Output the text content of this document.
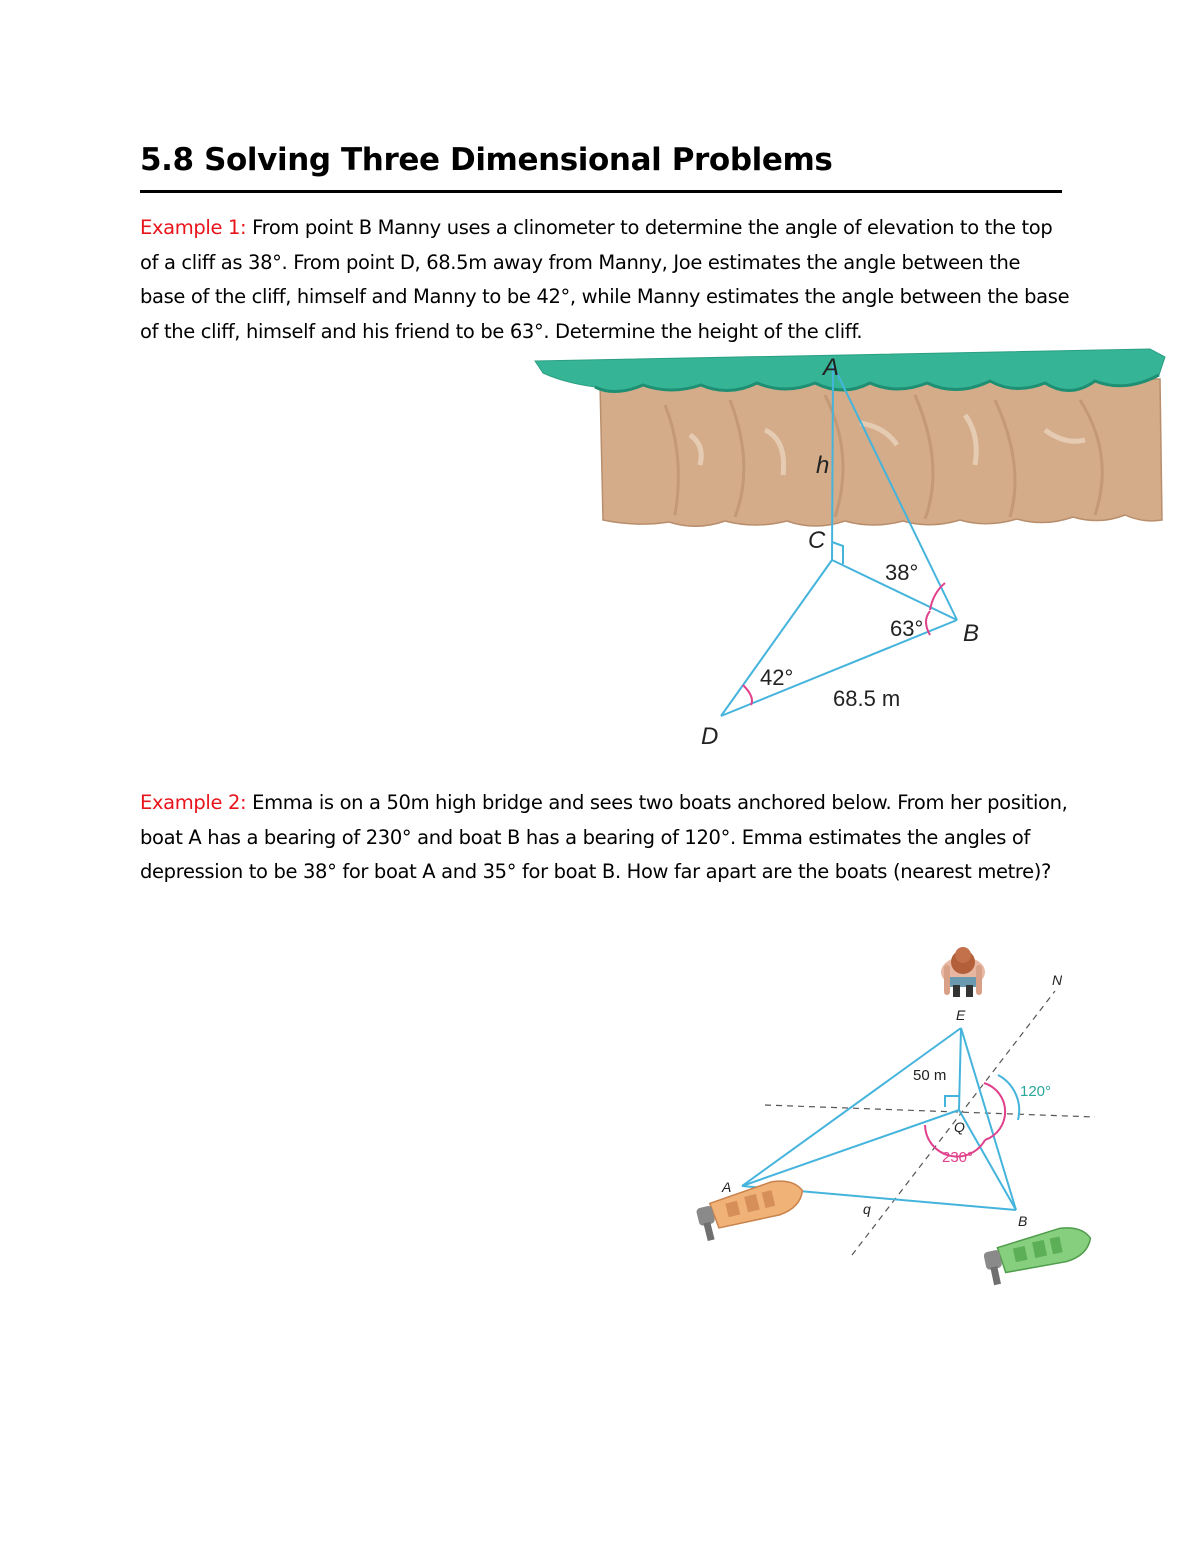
5.8 Solving Three Dimensional Problems

Example 1: From point B Manny uses a clinometer to determine the angle of elevation to the top of a cliff as 38°. From point D, 68.5m away from Manny, Joe estimates the angle between the base of the cliff, himself and Manny to be 42°, while Manny estimates the angle between the base of the cliff, himself and his friend to be 63°. Determine the height of the cliff.

A
h
C
B
D
38°
63°
42°
68.5 m

Example 2: Emma is on a 50m high bridge and sees two boats anchored below. From her position, boat A has a bearing of 230° and boat B has a bearing of 120°. Emma estimates the angles of depression to be 38° for boat A and 35° for boat B. How far apart are the boats (nearest metre)?

E
N
Q
A
B
q
50 m
120°
230°
